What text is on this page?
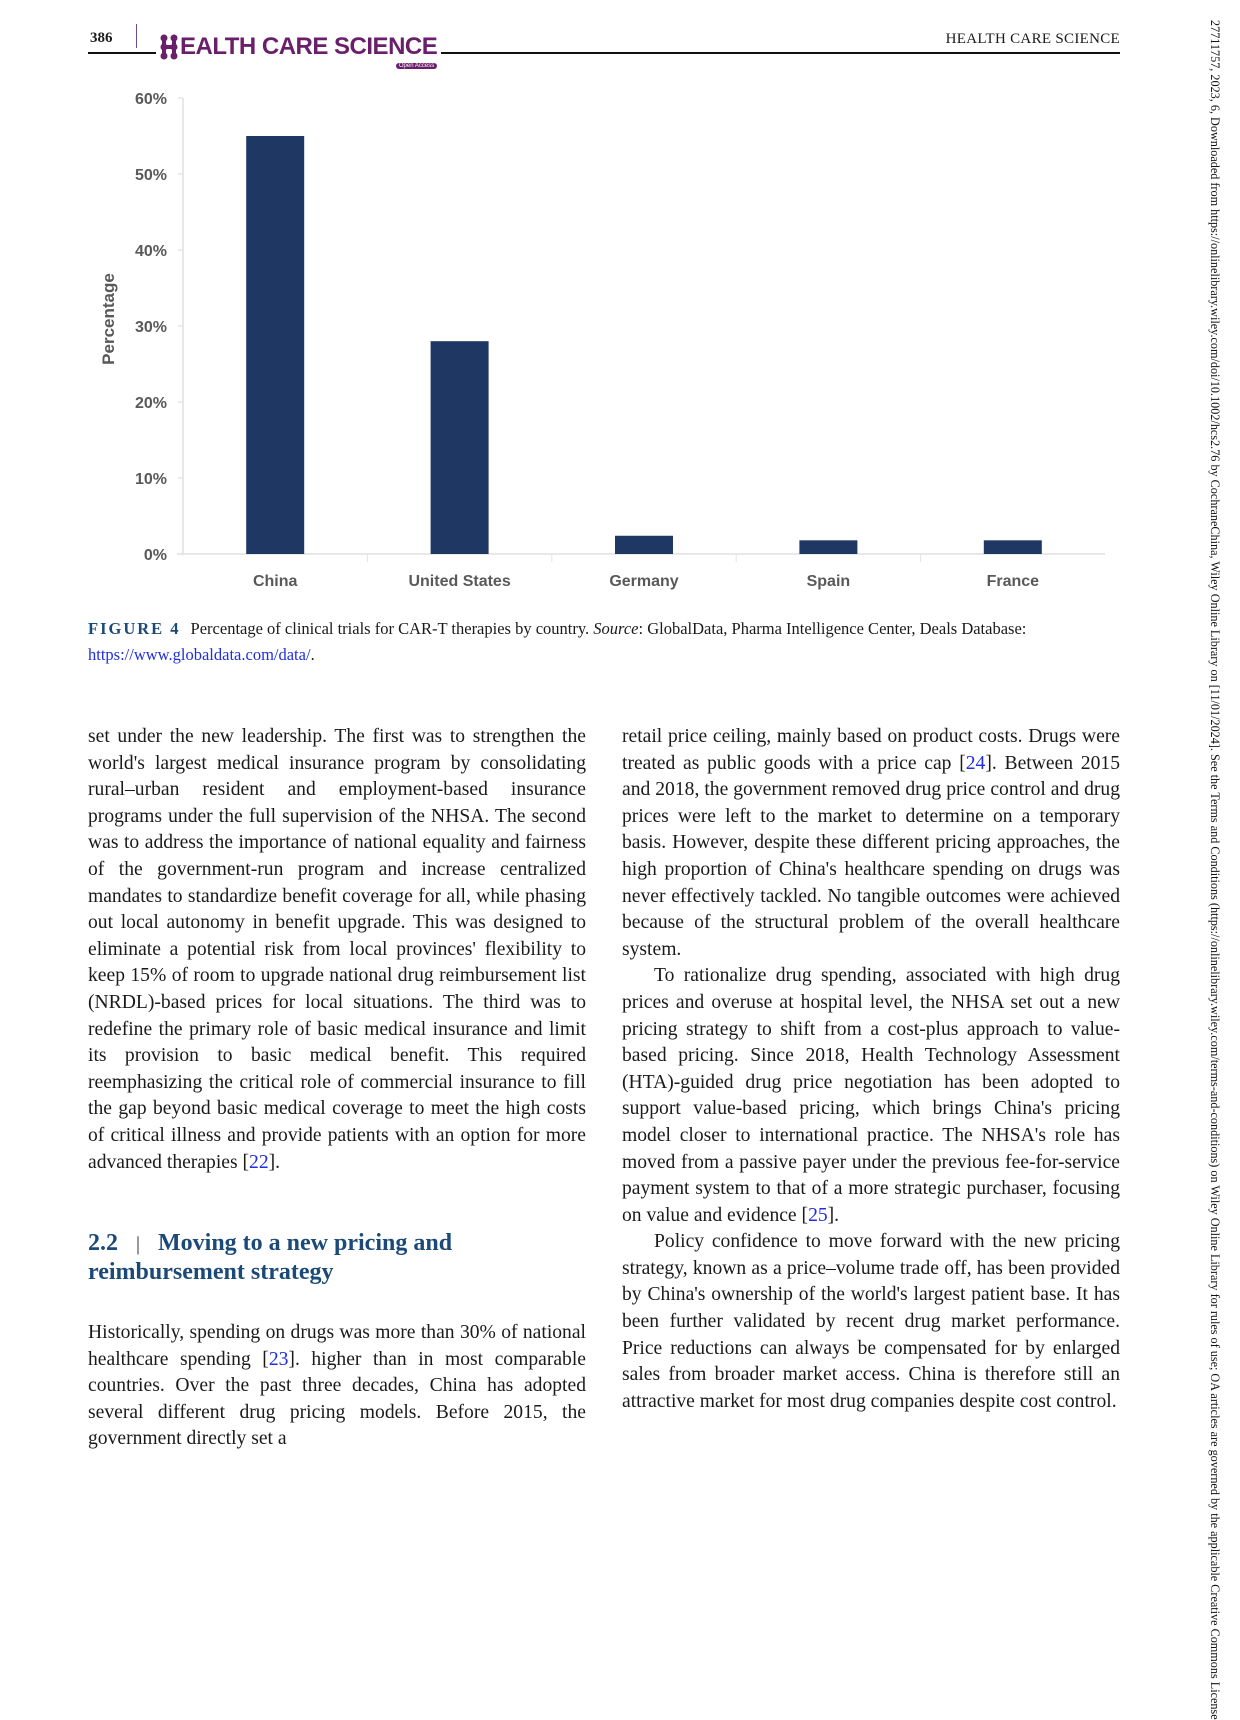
386	EALTH CARE SCIENCE
Open Access
HEALTH CARE SCIENCE
0%
10%
20%
30%
40%
50%
60%
China	United States	Germany	Spain	France
Percentage
FIGURE 4 Percentage of clinical trials for CAR-T therapies by country. Source: GlobalData, Pharma Intelligence Center, Deals Database: https://www.globaldata.com/data/.

set under the new leadership. The first was to strengthen the world's largest medical insurance program by consolidating rural–urban resident and employment-based insurance programs under the full supervision of the NHSA. The second was to address the importance of national equality and fairness of the government-run program and increase centralized mandates to standardize benefit coverage for all, while phasing out local autonomy in benefit upgrade. This was designed to eliminate a potential risk from local provinces' flexibility to keep 15% of room to upgrade national drug reimbursement list (NRDL)-based prices for local situations. The third was to redefine the primary role of basic medical insurance and limit its provision to basic medical benefit. This required reemphasizing the critical role of commercial insurance to fill the gap beyond basic medical coverage to meet the high costs of critical illness and provide patients with an option for more advanced therapies [22].

2.2 | Moving to a new pricing and reimbursement strategy

Historically, spending on drugs was more than 30% of national healthcare spending [23]. higher than in most comparable countries. Over the past three decades, China has adopted several different drug pricing models. Before 2015, the government directly set a

retail price ceiling, mainly based on product costs. Drugs were treated as public goods with a price cap [24]. Between 2015 and 2018, the government removed drug price control and drug prices were left to the market to determine on a temporary basis. However, despite these different pricing approaches, the high proportion of China's healthcare spending on drugs was never effectively tackled. No tangible outcomes were achieved because of the structural problem of the overall healthcare system.

To rationalize drug spending, associated with high drug prices and overuse at hospital level, the NHSA set out a new pricing strategy to shift from a cost-plus approach to value-based pricing. Since 2018, Health Technology Assessment (HTA)-guided drug price negotiation has been adopted to support value-based pricing, which brings China's pricing model closer to international practice. The NHSA's role has moved from a passive payer under the previous fee-for-service payment system to that of a more strategic purchaser, focusing on value and evidence [25].

Policy confidence to move forward with the new pricing strategy, known as a price–volume trade off, has been provided by China's ownership of the world's largest patient base. It has been further validated by recent drug market performance. Price reductions can always be compensated for by enlarged sales from broader market access. China is therefore still an attractive market for most drug companies despite cost control.	27711757, 2023, 6, Downloaded from https://onlinelibrary.wiley.com/doi/10.1002/hcs2.76 by CochraneChina, Wiley Online Library on [11/01/2024]. See the Terms and Conditions (https://onlinelibrary.wiley.com/terms-and-conditions) on Wiley Online Library for rules of use; OA articles are governed by the applicable Creative Commons License
